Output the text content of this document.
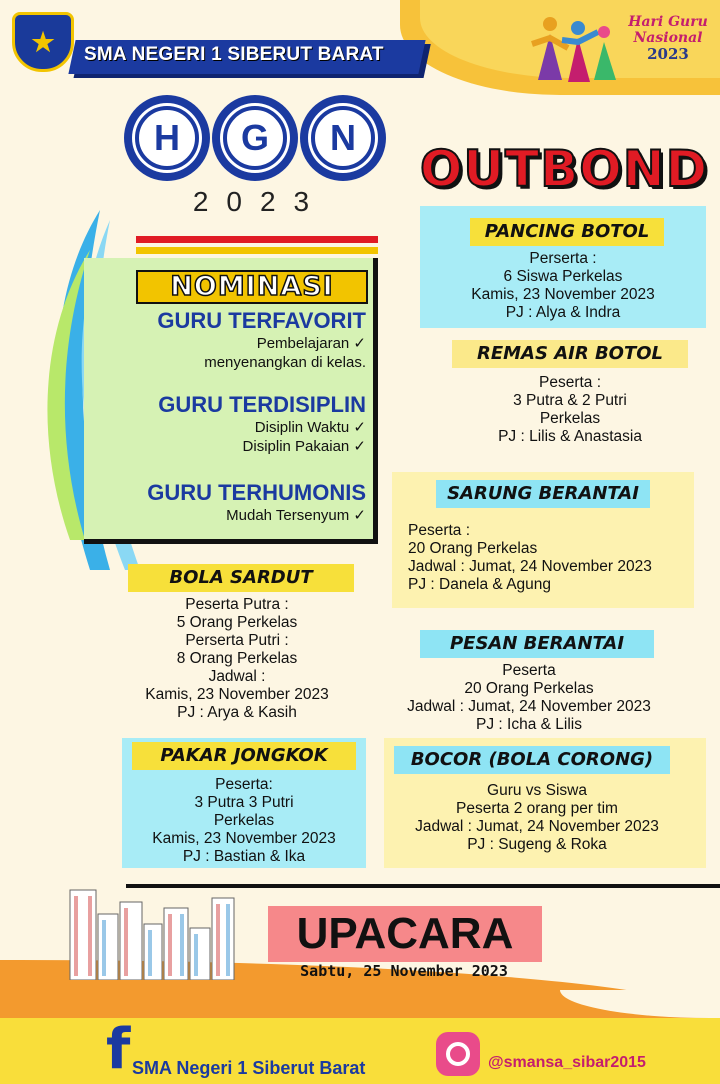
★	SMA NEGERI 1 SIBERUT BARAT
Hari Guru
Nasional
2023
H	G	N
2023
OUTBOND
NOMINASI
GURU TERFAVORIT
Pembelajaran ✓
menyenangkan di kelas.
GURU TERDISIPLIN
Disiplin Waktu ✓
Disiplin Pakaian ✓
GURU TERHUMONIS
Mudah Tersenyum ✓
PANCING BOTOL
Perserta :
6 Siswa Perkelas
Kamis, 23 November 2023
PJ : Alya & Indra
REMAS AIR BOTOL
Peserta :
3 Putra & 2 Putri
Perkelas
PJ : Lilis & Anastasia
SARUNG BERANTAI
Peserta :
20 Orang Perkelas
Jadwal : Jumat, 24 November 2023
PJ : Danela & Agung
BOLA SARDUT
Peserta Putra :
5 Orang Perkelas
Perserta Putri :
8 Orang Perkelas
Jadwal :
Kamis, 23 November 2023
PJ : Arya & Kasih
PESAN BERANTAI
Peserta
20 Orang Perkelas
Jadwal : Jumat, 24 November 2023
PJ : Icha & Lilis
PAKAR JONGKOK
Peserta:
3 Putra 3 Putri
Perkelas
Kamis, 23 November 2023
PJ : Bastian & Ika
BOCOR (BOLA CORONG)
Guru vs Siswa
Peserta 2 orang per tim
Jadwal : Jumat, 24 November 2023
PJ : Sugeng & Roka
UPACARA
Sabtu, 25 November 2023
f SMA Negeri 1 Siberut Barat	@smansa_sibar2015
